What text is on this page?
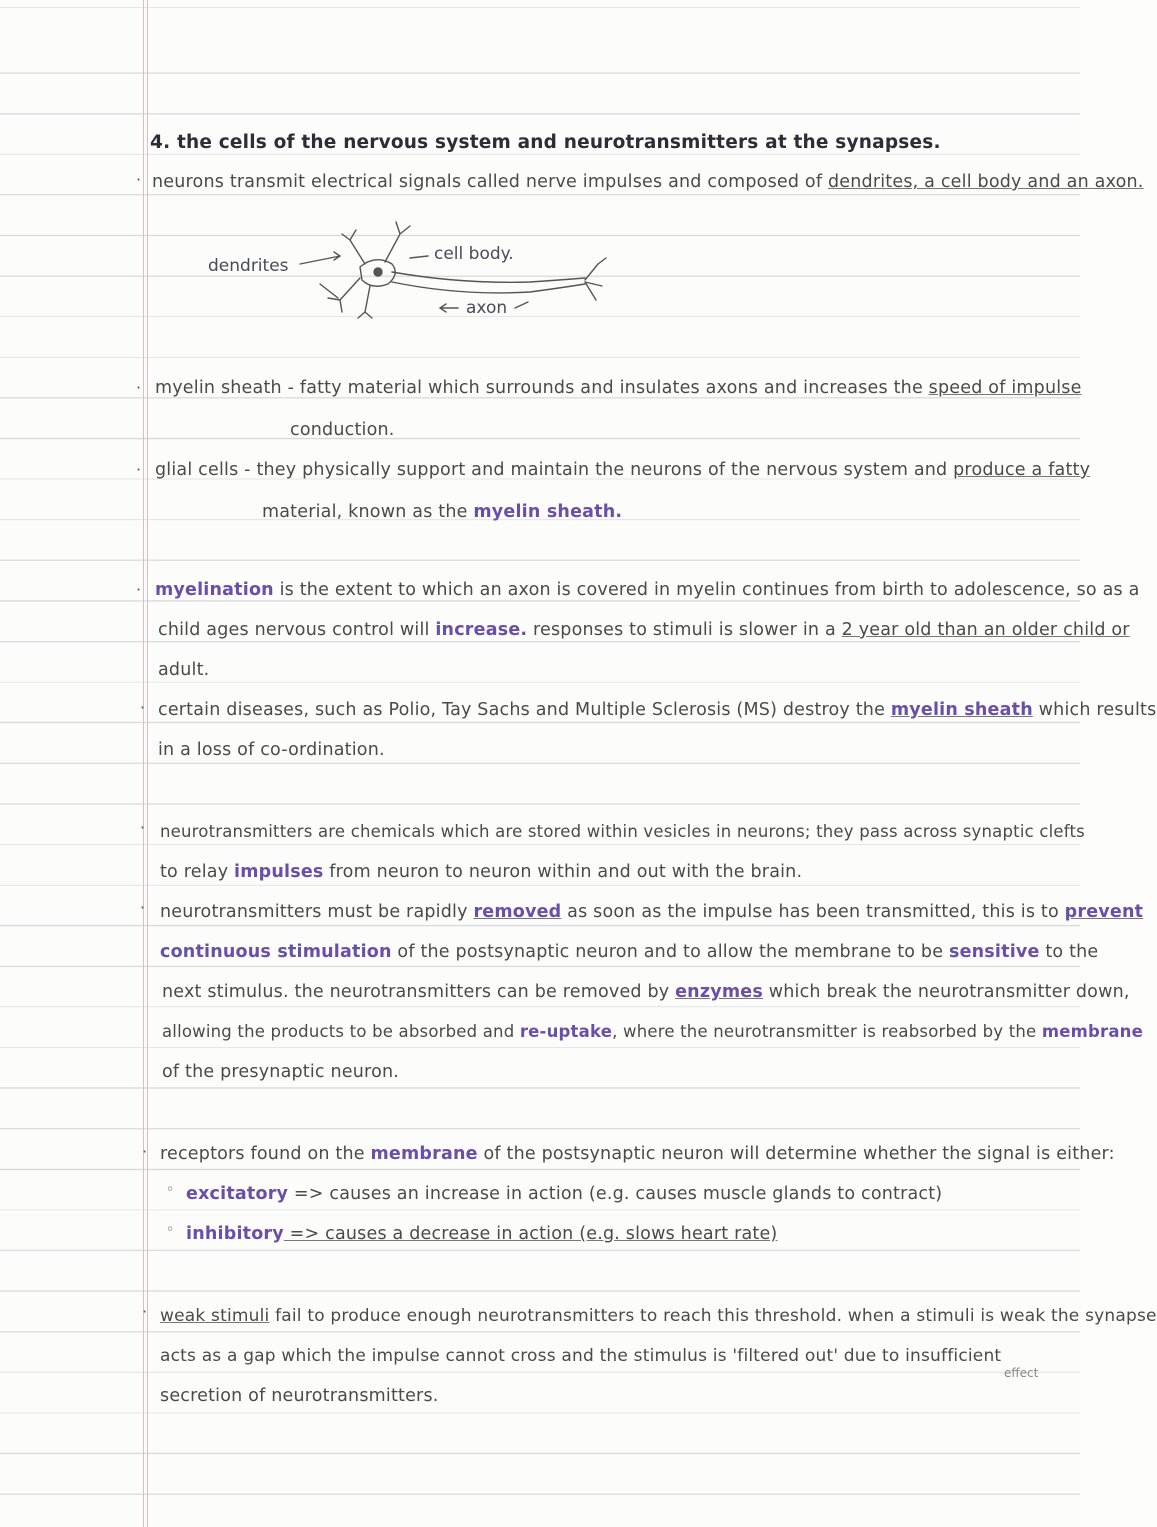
4. the cells of the nervous system and neurotransmitters at the synapses.
· neurons transmit electrical signals called nerve impulses and composed of dendrites, a cell body and an axon.
dendrites
cell body.
axon
· myelin sheath - fatty material which surrounds and insulates axons and increases the speed of impulse
conduction.
· glial cells - they physically support and maintain the neurons of the nervous system and produce a fatty
material, known as the myelin sheath.
· myelination is the extent to which an axon is covered in myelin continues from birth to adolescence, so as a
child ages nervous control will increase. responses to stimuli is slower in a 2 year old than an older child or
adult.
· certain diseases, such as Polio, Tay Sachs and Multiple Sclerosis (MS) destroy the myelin sheath which results
in a loss of co-ordination.
· neurotransmitters are chemicals which are stored within vesicles in neurons; they pass across synaptic clefts
to relay impulses from neuron to neuron within and out with the brain.
· neurotransmitters must be rapidly removed as soon as the impulse has been transmitted, this is to prevent
continuous stimulation of the postsynaptic neuron and to allow the membrane to be sensitive to the
next stimulus. the neurotransmitters can be removed by enzymes which break the neurotransmitter down,
allowing the products to be absorbed and re-uptake, where the neurotransmitter is reabsorbed by the membrane
of the presynaptic neuron.
· receptors found on the membrane of the postsynaptic neuron will determine whether the signal is either:
◦ excitatory => causes an increase in action (e.g. causes muscle glands to contract)
◦ inhibitory => causes a decrease in action (e.g. slows heart rate)
· weak stimuli fail to produce enough neurotransmitters to reach this threshold. when a stimuli is weak the synapse
acts as a gap which the impulse cannot cross and the stimulus is 'filtered out' due to insufficient
effect
secretion of neurotransmitters.
